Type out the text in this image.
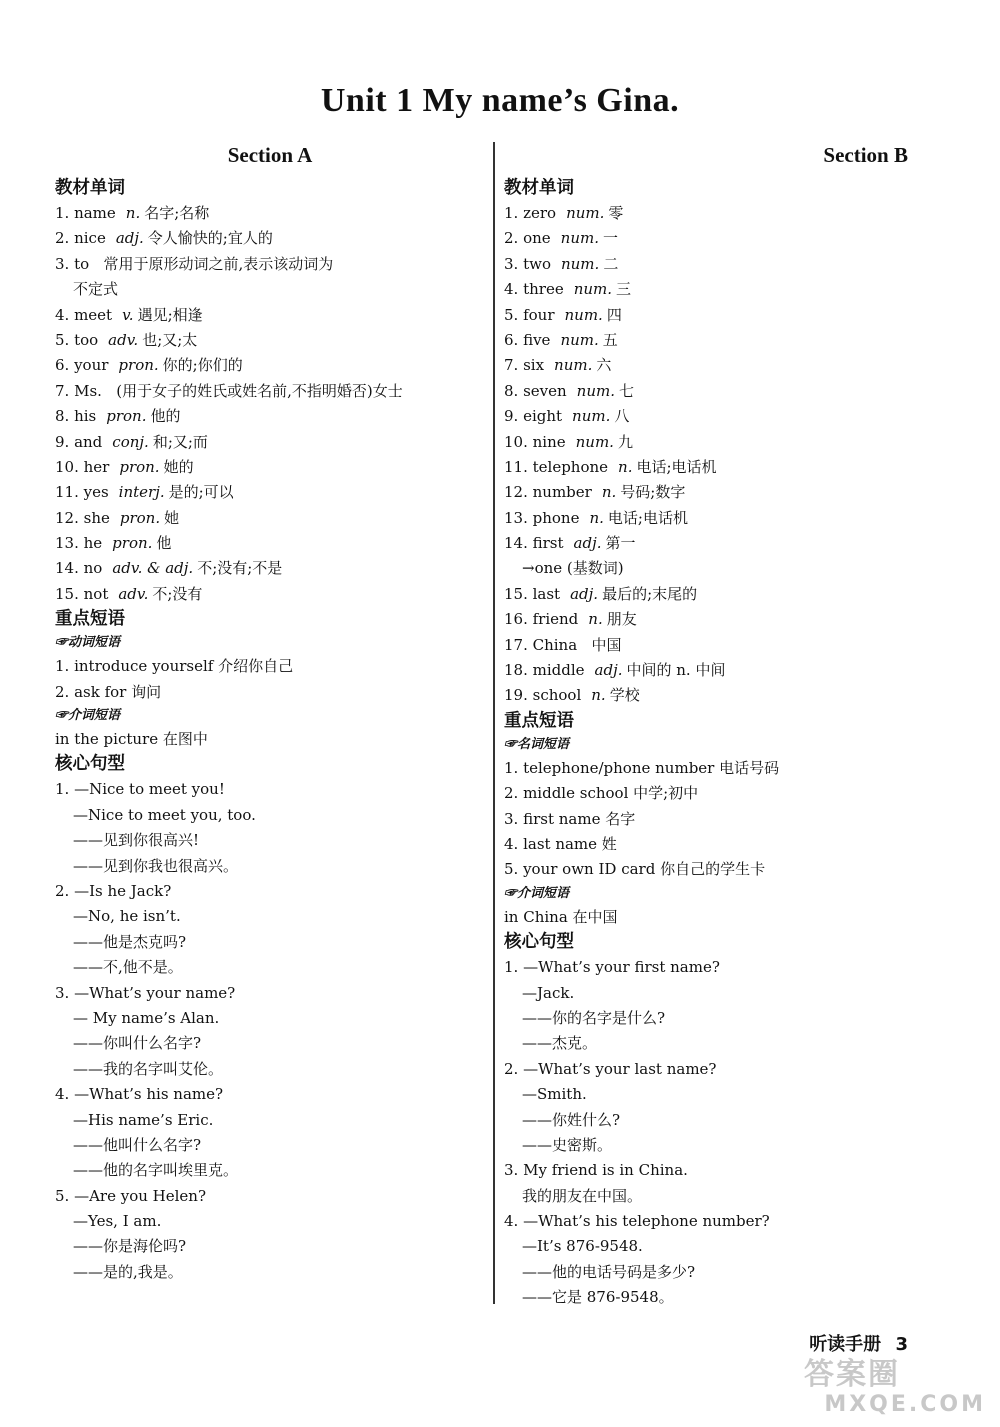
Unit 1 My name’s Gina.
Section A
教材单词
1. name n. 名字;名称
2. nice adj. 令人愉快的;宜人的
3. to 常用于原形动词之前,表示该动词为
不定式
4. meet v. 遇见;相逢
5. too adv. 也;又;太
6. your pron. 你的;你们的
7. Ms. (用于女子的姓氏或姓名前,不指明婚否)女士
8. his pron. 他的
9. and conj. 和;又;而
10. her pron. 她的
11. yes interj. 是的;可以
12. she pron. 她
13. he pron. 他
14. no adv. & adj. 不;没有;不是
15. not adv. 不;没有
重点短语
☞动词短语
1. introduce yourself 介绍你自己
2. ask for 询问
☞介词短语
in the picture 在图中
核心句型
1. —Nice to meet you!
—Nice to meet you, too.
——见到你很高兴!
——见到你我也很高兴。
2. —Is he Jack?
—No, he isn’t.
——他是杰克吗?
——不,他不是。
3. —What’s your name?
— My name’s Alan.
——你叫什么名字?
——我的名字叫艾伦。
4. —What’s his name?
—His name’s Eric.
——他叫什么名字?
——他的名字叫埃里克。
5. —Are you Helen?
—Yes, I am.
——你是海伦吗?
——是的,我是。
Section B
教材单词
1. zero num. 零
2. one num. 一
3. two num. 二
4. three num. 三
5. four num. 四
6. five num. 五
7. six num. 六
8. seven num. 七
9. eight num. 八
10. nine num. 九
11. telephone n. 电话;电话机
12. number n. 号码;数字
13. phone n. 电话;电话机
14. first adj. 第一
→one (基数词)
15. last adj. 最后的;末尾的
16. friend n. 朋友
17. China 中国
18. middle adj. 中间的 n. 中间
19. school n. 学校
重点短语
☞名词短语
1. telephone/phone number 电话号码
2. middle school 中学;初中
3. first name 名字
4. last name 姓
5. your own ID card 你自己的学生卡
☞介词短语
in China 在中国
核心句型
1. —What’s your first name?
—Jack.
——你的名字是什么?
——杰克。
2. —What’s your last name?
—Smith.
——你姓什么?
——史密斯。
3. My friend is in China.
我的朋友在中国。
4. —What’s his telephone number?
—It’s 876-9548.
——他的电话号码是多少?
——它是 876-9548。
听读手册 3
答案圈
MXQE.COM
